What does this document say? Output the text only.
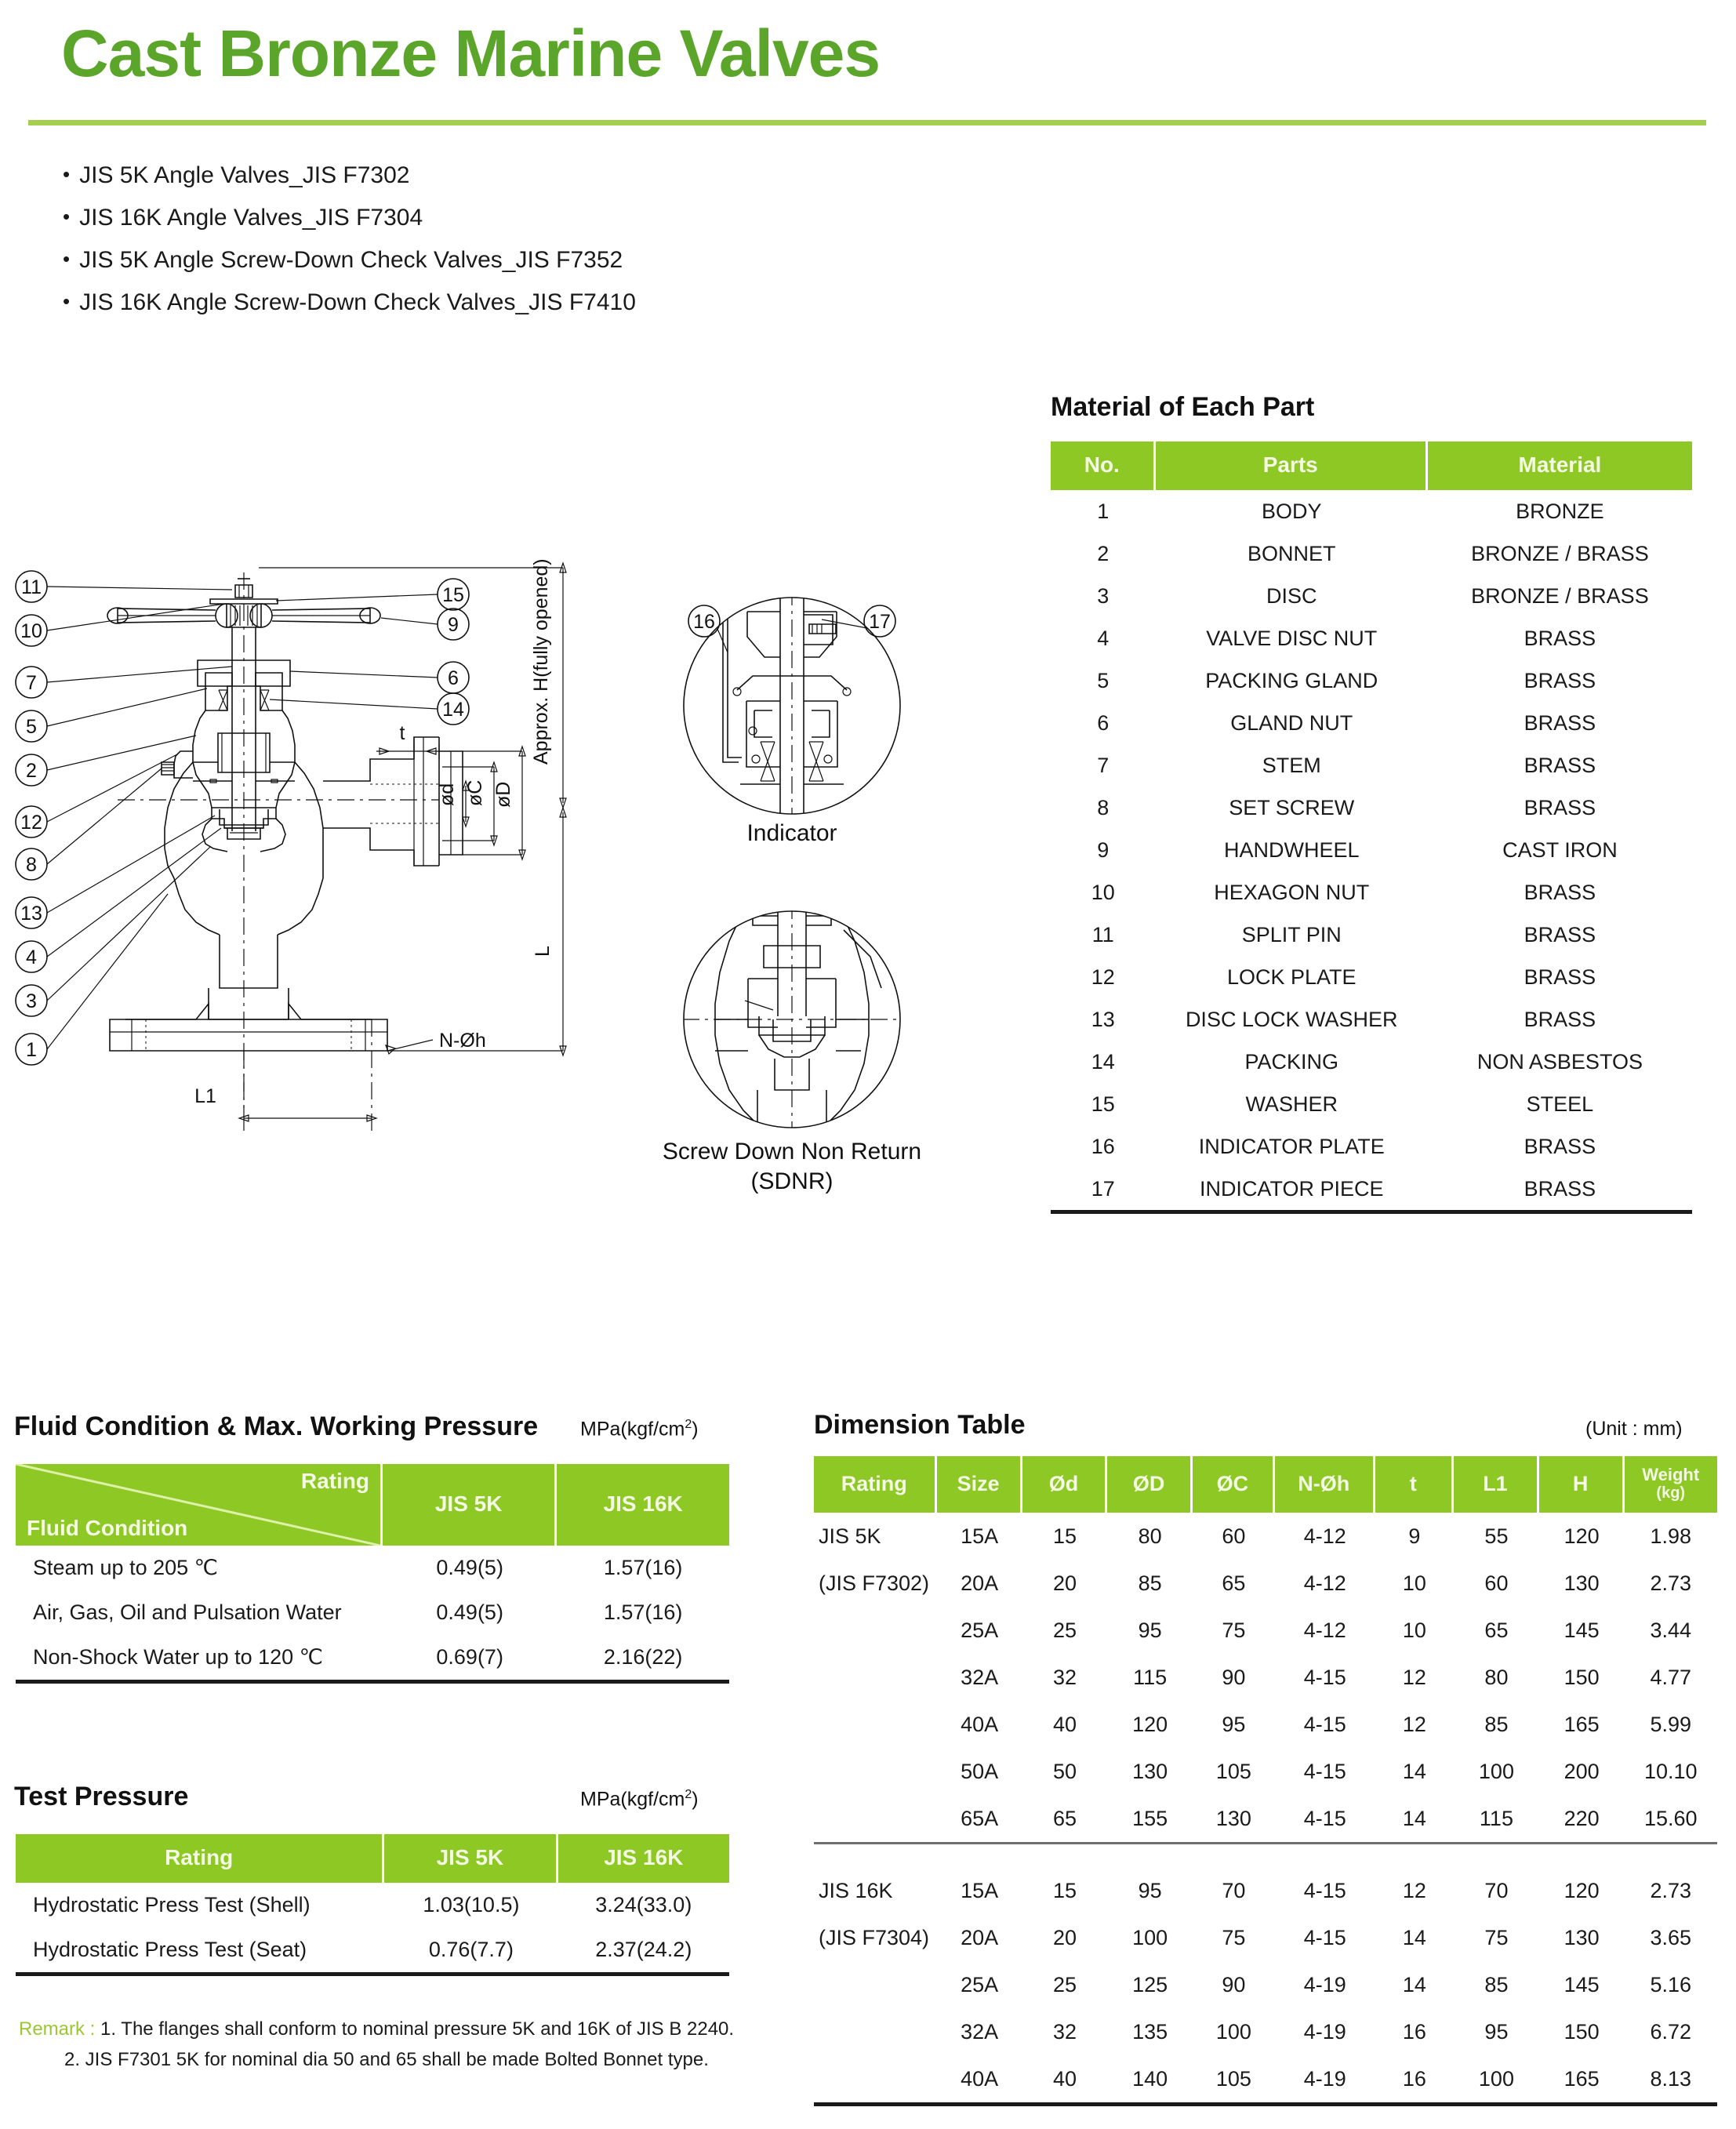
Cast Bronze Marine Valves
• JIS 5K Angle Valves_JIS F7302
• JIS 16K Angle Valves_JIS F7304
• JIS 5K Angle Screw-Down Check Valves_JIS F7352
• JIS 16K Angle Screw-Down Check Valves_JIS F7410
11
10
7
5
2
12
8
13
4
3
1
15
9
6
14
t	Approx. H(fully opened)
L
øD
øC
ød
N-Øh
L1
16	17
Indicator
Screw Down Non Return
(SDNR)
Material of Each Part
No.	Parts	Material
1	BODY	BRONZE
2	BONNET	BRONZE / BRASS
3	DISC	BRONZE / BRASS
4	VALVE DISC NUT	BRASS
5	PACKING GLAND	BRASS
6	GLAND NUT	BRASS
7	STEM	BRASS
8	SET SCREW	BRASS
9	HANDWHEEL	CAST IRON
10	HEXAGON NUT	BRASS
11	SPLIT PIN	BRASS
12	LOCK PLATE	BRASS
13	DISC LOCK WASHER	BRASS
14	PACKING	NON ASBESTOS
15	WASHER	STEEL
16	INDICATOR PLATE	BRASS
17	INDICATOR PIECE	BRASS

Fluid Condition & Max. Working Pressure $MPa(kgf/cm^2)$
Rating
Fluid Condition	JIS 5K	JIS 16K
Steam up to 205 ℃	0.49(5)	1.57(16)
Air, Gas, Oil and Pulsation Water	0.49(5)	1.57(16)
Non-Shock Water up to 120 ℃	0.69(7)	2.16(22)

Test Pressure	$MPa(kgf/cm^2)$
Rating	JIS 5K	JIS 16K
Hydrostatic Press Test (Shell)	1.03(10.5)	3.24(33.0)
Hydrostatic Press Test (Seat)	0.76(7.7)	2.37(24.2)

Remark : 1. The flanges shall conform to nominal pressure 5K and 16K of JIS B 2240.
2. JIS F7301 5K for nominal dia 50 and 65 shall be made Bolted Bonnet type.
Dimension Table	(Unit : mm)
Rating	Size	Ød	ØD	ØC	N-Øh	t	L1	H	Weight
(kg)

JIS 5K	15A	15	80	60	4-12	9	55	120	1.98
(JIS F7302)	20A	20	85	65	4-12	10	60	130	2.73
	25A	25	95	75	4-12	10	65	145	3.44
	32A	32	115	90	4-15	12	80	150	4.77
	40A	40	120	95	4-15	12	85	165	5.99
	50A	50	130	105	4-15	14	100	200	10.10
	65A	65	155	130	4-15	14	115	220	15.60

JIS 16K	15A	15	95	70	4-15	12	70	120	2.73
(JIS F7304)	20A	20	100	75	4-15	14	75	130	3.65
	25A	25	125	90	4-19	14	85	145	5.16
	32A	32	135	100	4-19	16	95	150	6.72
	40A	40	140	105	4-19	16	100	165	8.13
